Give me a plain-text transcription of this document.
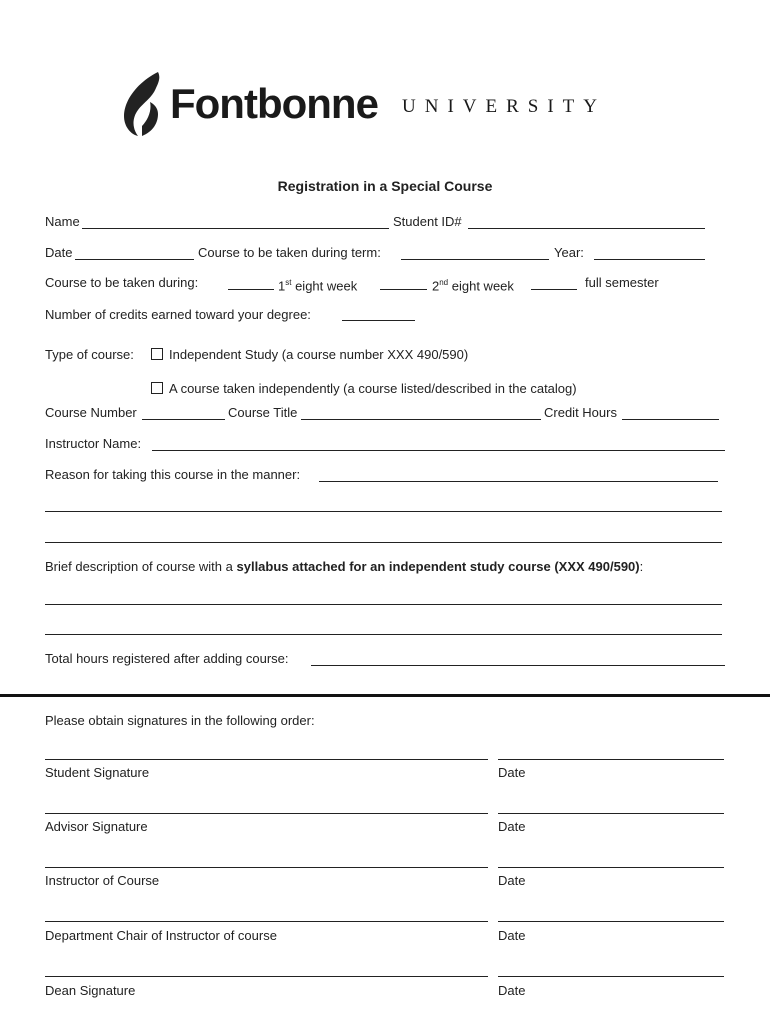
Fontbonne UNIVERSITY
Registration in a Special Course
Name	Student ID#
Date	Course to be taken during term:	Year:
Course to be taken during:	1st eight week	2nd eight week	full semester
Number of credits earned toward your degree:
Type of course:	Independent Study (a course number XXX 490/590)
A course taken independently (a course listed/described in the catalog)
Course Number	Course Title	Credit Hours
Instructor Name:
Reason for taking this course in the manner:
Brief description of course with a syllabus attached for an independent study course (XXX 490/590):
Total hours registered after adding course:
Please obtain signatures in the following order:
Student Signature	Date
Advisor Signature	Date
Instructor of Course	Date
Department Chair of Instructor of course	Date
Dean Signature	Date
